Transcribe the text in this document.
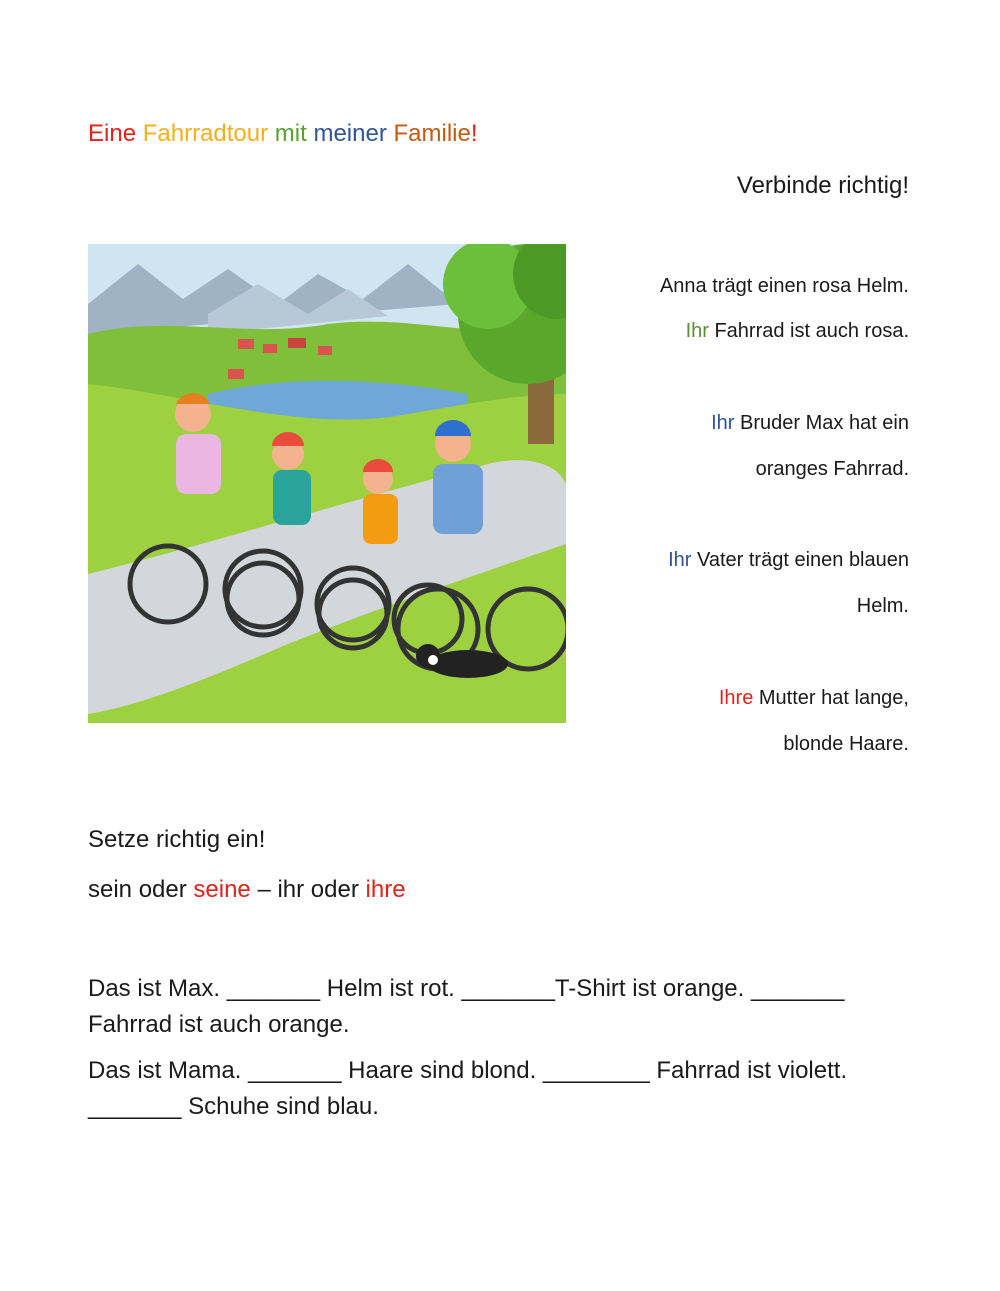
Eine Fahrradtour mit meiner Familie!
Verbinde richtig!
Anna trägt einen rosa Helm.
Ihr Fahrrad ist auch rosa.
Ihr Bruder Max hat ein
oranges Fahrrad.
Ihr Vater trägt einen blauen
Helm.
Ihre Mutter hat lange,
blonde Haare.
Setze richtig ein!
sein oder seine – ihr oder ihre
Das ist Max. _______ Helm ist rot. _______T-Shirt ist orange. _______ Fahrrad ist auch orange.
Das ist Mama. _______ Haare sind blond. ________ Fahrrad ist violett. _______ Schuhe sind blau.
